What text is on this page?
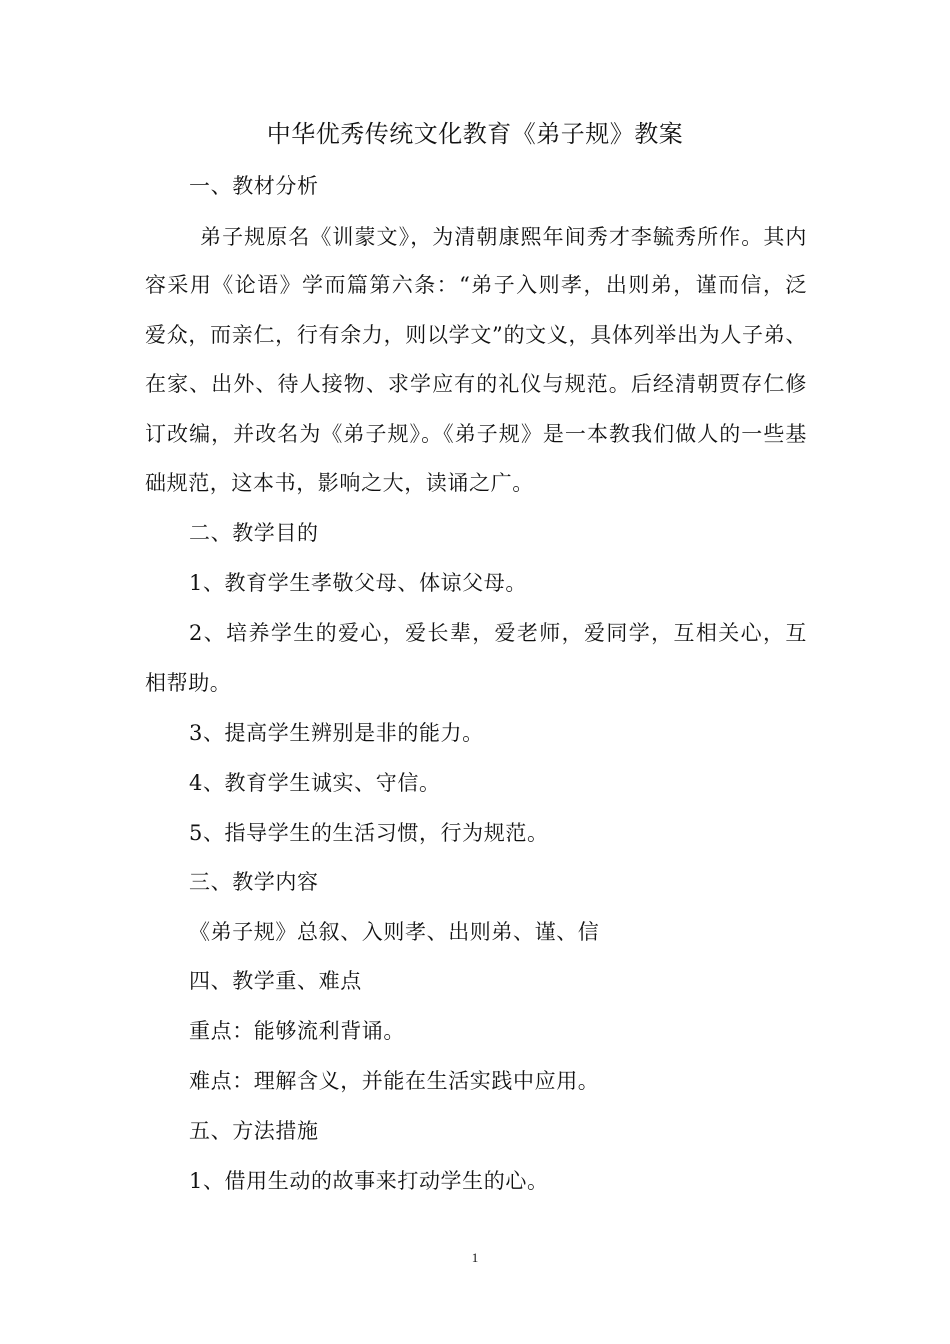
中华优秀传统文化教育《弟子规》教案
一、教材分析
弟子规原名《训蒙文》，为清朝康熙年间秀才李毓秀所作。其内
容采用《论语》学而篇第六条：“弟子入则孝，出则弟，谨而信，泛
爱众，而亲仁，行有余力，则以学文”的文义，具体列举出为人子弟、
在家、出外、待人接物、求学应有的礼仪与规范。后经清朝贾存仁修
订改编，并改名为《弟子规》。《弟子规》是一本教我们做人的一些基
础规范，这本书，影响之大，读诵之广。
二、教学目的
1、教育学生孝敬父母、体谅父母。
2、培养学生的爱心，爱长辈，爱老师，爱同学，互相关心，互
相帮助。
3、提高学生辨别是非的能力。
4、教育学生诚实、守信。
5、指导学生的生活习惯，行为规范。
三、教学内容
《弟子规》总叙、入则孝、出则弟、谨、信
四、教学重、难点
重点：能够流利背诵。
难点：理解含义，并能在生活实践中应用。
五、方法措施
1、借用生动的故事来打动学生的心。
1
